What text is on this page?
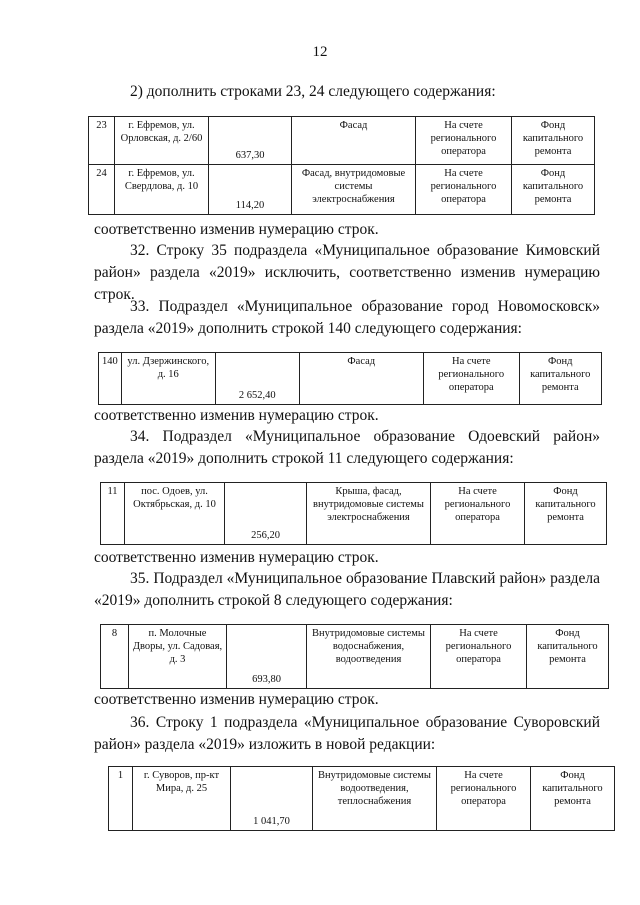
12
2) дополнить строками 23, 24 следующего содержания:
23	г. Ефремов, ул. Орловская, д. 2/60	637,30	Фасад	На счете регионального оператора	Фонд капитального ремонта
24	г. Ефремов, ул. Свердлова, д. 10	114,20	Фасад, внутридомовые системы электроснабжения	На счете регионального оператора	Фонд капитального ремонта
соответственно изменив нумерацию строк.
32. Строку 35 подраздела «Муниципальное образование Кимовский район» раздела «2019» исключить, соответственно изменив нумерацию строк.
33. Подраздел «Муниципальное образование город Новомосковск» раздела «2019» дополнить строкой 140 следующего содержания:
140	ул. Дзержинского, д. 16	2 652,40	Фасад	На счете регионального оператора	Фонд капитального ремонта
соответственно изменив нумерацию строк.
34. Подраздел «Муниципальное образование Одоевский район» раздела «2019» дополнить строкой 11 следующего содержания:
11	пос. Одоев, ул. Октябрьская, д. 10	256,20	Крыша, фасад, внутридомовые системы электроснабжения	На счете регионального оператора	Фонд капитального ремонта
соответственно изменив нумерацию строк.
35. Подраздел «Муниципальное образование Плавский район» раздела «2019» дополнить строкой 8 следующего содержания:
8	п. Молочные Дворы, ул. Садовая, д. 3	693,80	Внутридомовые системы водоснабжения, водоотведения	На счете регионального оператора	Фонд капитального ремонта
соответственно изменив нумерацию строк.
36. Строку 1 подраздела «Муниципальное образование Суворовский район» раздела «2019» изложить в новой редакции:
1	г. Суворов, пр-кт Мира, д. 25	1 041,70	Внутридомовые системы водоотведения, теплоснабжения	На счете регионального оператора	Фонд капитального ремонта
